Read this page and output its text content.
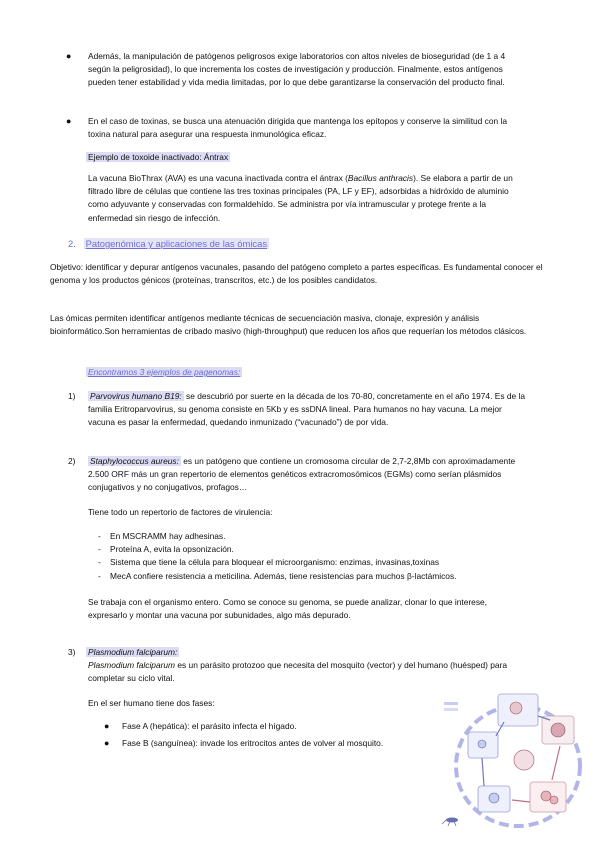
● Además, la manipulación de patógenos peligrosos exige laboratorios con altos niveles de bioseguridad (de 1 a 4 según la peligrosidad), lo que incrementa los costes de investigación y producción. Finalmente, estos antígenos pueden tener estabilidad y vida media limitadas, por lo que debe garantizarse la conservación del producto final.
● En el caso de toxinas, se busca una atenuación dirigida que mantenga los epítopos y conserve la similitud con la toxina natural para asegurar una respuesta inmunológica eficaz.
Ejemplo de toxoide inactivado: Ántrax
La vacuna BioThrax (AVA) es una vacuna inactivada contra el ántrax (Bacillus anthracis). Se elabora a partir de un filtrado libre de células que contiene las tres toxinas principales (PA, LF y EF), adsorbidas a hidróxido de aluminio como adyuvante y conservadas con formaldehído. Se administra por vía intramuscular y protege frente a la enfermedad sin riesgo de infección.
2. Patogenómica y aplicaciones de las ómicas
Objetivo: identificar y depurar antígenos vacunales, pasando del patógeno completo a partes específicas. Es fundamental conocer el genoma y los productos génicos (proteínas, transcritos, etc.) de los posibles candidatos.
Las ómicas permiten identificar antígenos mediante técnicas de secuenciación masiva, clonaje, expresión y análisis bioinformático.Son herramientas de cribado masivo (high-throughput) que reducen los años que requerían los métodos clásicos.
Encontramos 3 ejemplos de pagenomas:
1) Parvovirus humano B19: se descubrió por suerte en la década de los 70-80, concretamente en el año 1974. Es de la familia Eritroparvovirus, su genoma consiste en 5Kb y es ssDNA lineal. Para humanos no hay vacuna. La mejor vacuna es pasar la enfermedad, quedando inmunizado (“vacunado”) de por vida.
2) Staphylococcus aureus: es un patógeno que contiene un cromosoma circular de 2,7-2,8Mb con aproximadamente 2.500 ORF más un gran repertorio de elementos genéticos extracromosómicos (EGMs) como serían plásmidos conjugativos y no conjugativos, profagos…
Tiene todo un repertorio de factores de virulencia:
- En MSCRAMM hay adhesinas.
- Proteína A, evita la opsonización.
- Sistema que tiene la célula para bloquear el microorganismo: enzimas, invasinas,toxinas
- MecA confiere resistencia a meticilina. Además, tiene resistencias para muchos β-lactámicos.
Se trabaja con el organismo entero. Como se conoce su genoma, se puede analizar, clonar lo que interese, expresarlo y montar una vacuna por subunidades, algo más depurado.
3) Plasmodium falciparum:
Plasmodium falciparum es un parásito protozoo que necesita del mosquito (vector) y del humano (huésped) para completar su ciclo vital.
En el ser humano tiene dos fases:
● Fase A (hepática): el parásito infecta el hígado.
● Fase B (sanguínea): invade los eritrocitos antes de volver al mosquito.
